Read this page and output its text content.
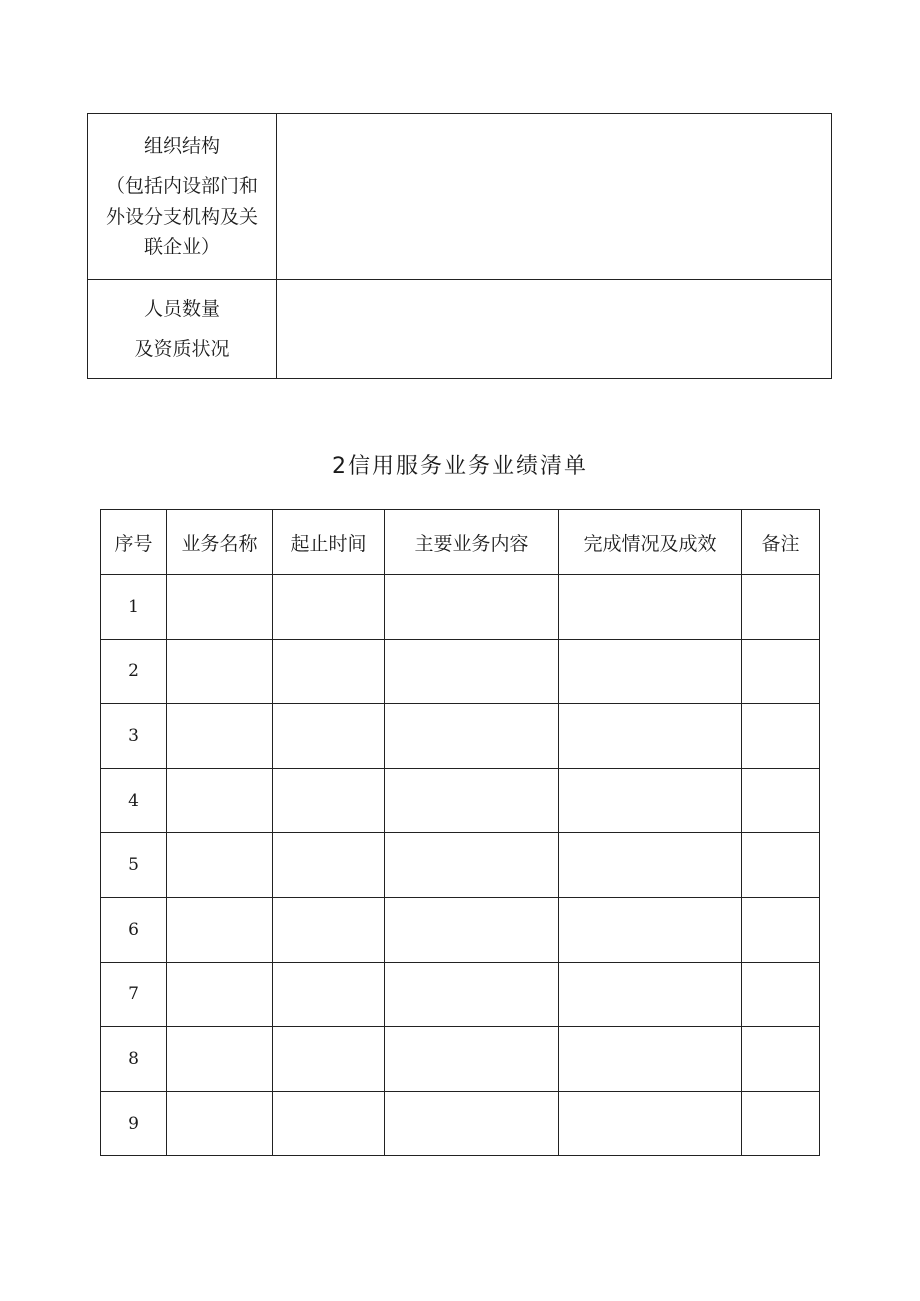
组织结构
（包括内设部门和
外设分支机构及关
联企业）	

人员数量
及资质状况	

2信用服务业务业绩清单
序号	业务名称	起止时间	主要业务内容	完成情况及成效	备注
1					
2					
3					
4					
5					
6					
7					
8					
9					
